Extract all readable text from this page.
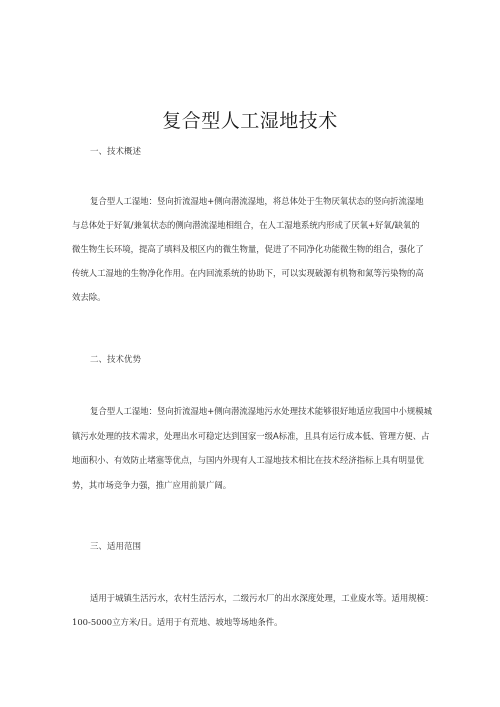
复合型人工湿地技术
一、技术概述
复合型人工湿地：竖向折流湿地+侧向潜流湿地，将总体处于生物厌氧状态的竖向折流湿地
与总体处于好氧/兼氧状态的侧向潜流湿地相组合，在人工湿地系统内形成了厌氧+好氧/缺氧的
微生物生长环境，提高了填料及根区内的微生物量，促进了不同净化功能微生物的组合，强化了
传统人工湿地的生物净化作用。在内回流系统的协助下，可以实现破源有机物和氮等污染物的高
效去除。
二、技术优势
复合型人工湿地：竖向折流湿地+侧向潜流湿地污水处理技术能够很好地适应我国中小规模城
镇污水处理的技术需求，处理出水可稳定达到国家一级A标准，且具有运行成本低、管理方便、占
地面积小、有效防止堵塞等优点，与国内外现有人工湿地技术相比在技术经济指标上具有明显优
势，其市场竞争力强，推广应用前景广阔。
三、适用范围
适用于城镇生活污水，农村生活污水，二级污水厂的出水深度处理，工业废水等。适用规模：
100-5000立方米/日。适用于有荒地、坡地等场地条件。
